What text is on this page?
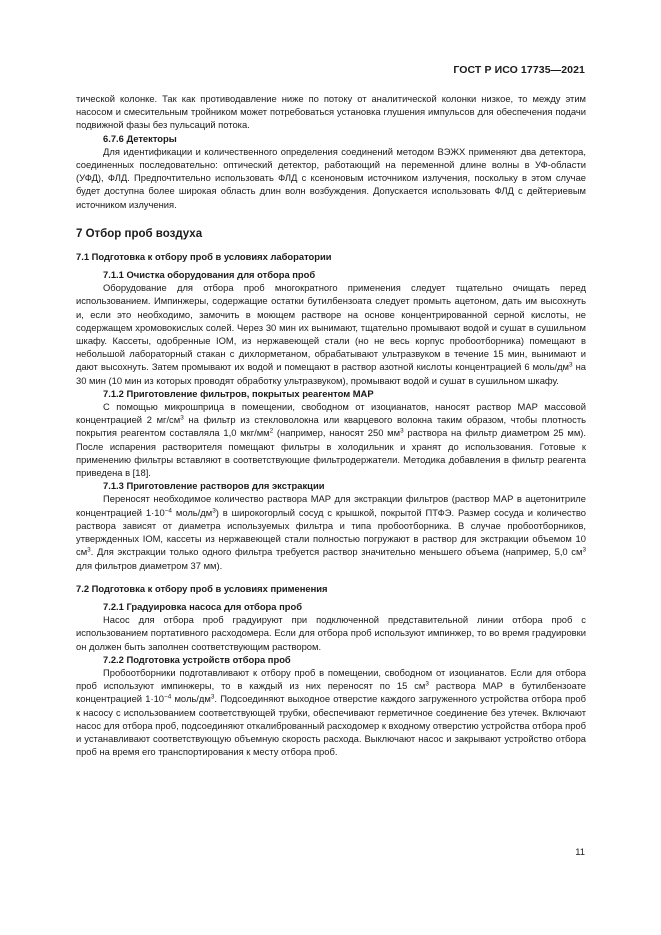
ГОСТ Р ИСО 17735—2021

тической колонке. Так как противодавление ниже по потоку от аналитической колонки низкое, то между этим насосом и смесительным тройником может потребоваться установка глушения импульсов для обеспечения подачи подвижной фазы без пульсаций потока.

6.7.6 Детекторы

Для идентификации и количественного определения соединений методом ВЭЖХ применяют два детектора, соединенных последовательно: оптический детектор, работающий на переменной длине волны в УФ-области (УФД), ФЛД. Предпочтительно использовать ФЛД с ксеноновым источником излучения, поскольку в этом случае будет доступна более широкая область длин волн возбуждения. Допускается использовать ФЛД с дейтериевым источником излучения.

7 Отбор проб воздуха

7.1 Подготовка к отбору проб в условиях лаборатории

7.1.1 Очистка оборудования для отбора проб

Оборудование для отбора проб многократного применения следует тщательно очищать перед использованием. Импинжеры, содержащие остатки бутилбензоата следует промыть ацетоном, дать им высохнуть и, если это необходимо, замочить в моющем растворе на основе концентрированной серной кислоты, не содержащем хромовокислых солей. Через 30 мин их вынимают, тщательно промывают водой и сушат в сушильном шкафу. Кассеты, одобренные IOM, из нержавеющей стали (но не весь корпус пробоотборника) помещают в небольшой лабораторный стакан с дихлорметаном, обрабатывают ультразвуком в течение 15 мин, вынимают и дают высохнуть. Затем промывают их водой и помещают в раствор азотной кислоты концентрацией 6 моль/$дм^3$ на 30 мин (10 мин из которых проводят обработку ультразвуком), промывают водой и сушат в сушильном шкафу.

7.1.2 Приготовление фильтров, покрытых реагентом МАР

С помощью микрошприца в помещении, свободном от изоцианатов, наносят раствор МАР массовой концентрацией 2 $мг/см^3$ на фильтр из стекловолокна или кварцевого волокна таким образом, чтобы плотность покрытия реагентом составляла 1,0 мкг/$мм^2$ (например, наносят 250 $мм^3$ раствора на фильтр диаметром 25 мм). После испарения растворителя помещают фильтры в холодильник и хранят до использования. Готовые к применению фильтры вставляют в соответствующие фильтродержатели. Методика добавления в фильтр реагента приведена в [18].

7.1.3 Приготовление растворов для экстракции

Переносят необходимое количество раствора МАР для экстракции фильтров (раствор МАР в ацетонитриле концентрацией $1\cdot 10^{-4}$ моль/$дм^3$) в широкогорлый сосуд с крышкой, покрытой ПТФЭ. Размер сосуда и количество раствора зависят от диаметра используемых фильтра и типа пробоотборника. В случае пробоотборников, утвержденных IOM, кассеты из нержавеющей стали полностью погружают в раствор для экстракции объемом 10 $см^3$. Для экстракции только одного фильтра требуется раствор значительно меньшего объема (например, 5,0 $см^3$ для фильтров диаметром 37 мм).

7.2 Подготовка к отбору проб в условиях применения

7.2.1 Градуировка насоса для отбора проб

Насос для отбора проб градуируют при подключенной представительной линии отбора проб с использованием портативного расходомера. Если для отбора проб используют импинжер, то во время градуировки он должен быть заполнен соответствующим раствором.

7.2.2 Подготовка устройств отбора проб

Пробоотборники подготавливают к отбору проб в помещении, свободном от изоцианатов. Если для отбора проб используют импинжеры, то в каждый из них переносят по 15 $см^3$ раствора МАР в бутилбензоате концентрацией $1\cdot 10^{-4}$ моль/$дм^3$. Подсоединяют выходное отверстие каждого загруженного устройства отбора проб к насосу с использованием соответствующей трубки, обеспечивают герметичное соединение без утечек. Включают насос для отбора проб, подсоединяют откалиброванный расходомер к входному отверстию устройства отбора проб и устанавливают соответствующую объемную скорость расхода. Выключают насос и закрывают устройство отбора проб на время его транспортирования к месту отбора проб.

11
